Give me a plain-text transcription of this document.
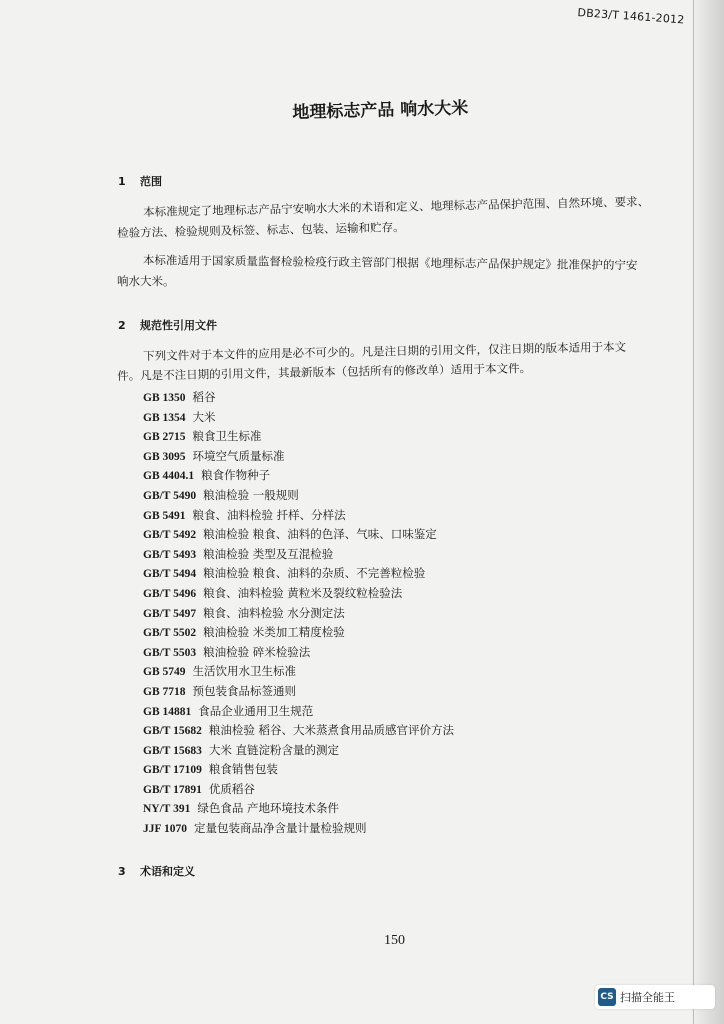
DB23/T 1461-2012
地理标志产品 响水大米
1 范围
本标准规定了地理标志产品宁安响水大米的术语和定义、地理标志产品保护范围、自然环境、要求、
检验方法、检验规则及标签、标志、包装、运输和贮存。
本标准适用于国家质量监督检验检疫行政主管部门根据《地理标志产品保护规定》批准保护的宁安
响水大米。
2 规范性引用文件
下列文件对于本文件的应用是必不可少的。凡是注日期的引用文件，仅注日期的版本适用于本文
件。凡是不注日期的引用文件，其最新版本（包括所有的修改单）适用于本文件。
GB 1350 稻谷
GB 1354 大米
GB 2715 粮食卫生标准
GB 3095 环境空气质量标准
GB 4404.1 粮食作物种子
GB/T 5490 粮油检验 一般规则
GB 5491 粮食、油料检验 扦样、分样法
GB/T 5492 粮油检验 粮食、油料的色泽、气味、口味鉴定
GB/T 5493 粮油检验 类型及互混检验
GB/T 5494 粮油检验 粮食、油料的杂质、不完善粒检验
GB/T 5496 粮食、油料检验 黄粒米及裂纹粒检验法
GB/T 5497 粮食、油料检验 水分测定法
GB/T 5502 粮油检验 米类加工精度检验
GB/T 5503 粮油检验 碎米检验法
GB 5749 生活饮用水卫生标准
GB 7718 预包装食品标签通则
GB 14881 食品企业通用卫生规范
GB/T 15682 粮油检验 稻谷、大米蒸煮食用品质感官评价方法
GB/T 15683 大米 直链淀粉含量的测定
GB/T 17109 粮食销售包装
GB/T 17891 优质稻谷
NY/T 391 绿色食品 产地环境技术条件
JJF 1070 定量包装商品净含量计量检验规则
3 术语和定义
150
CS 扫描全能王
